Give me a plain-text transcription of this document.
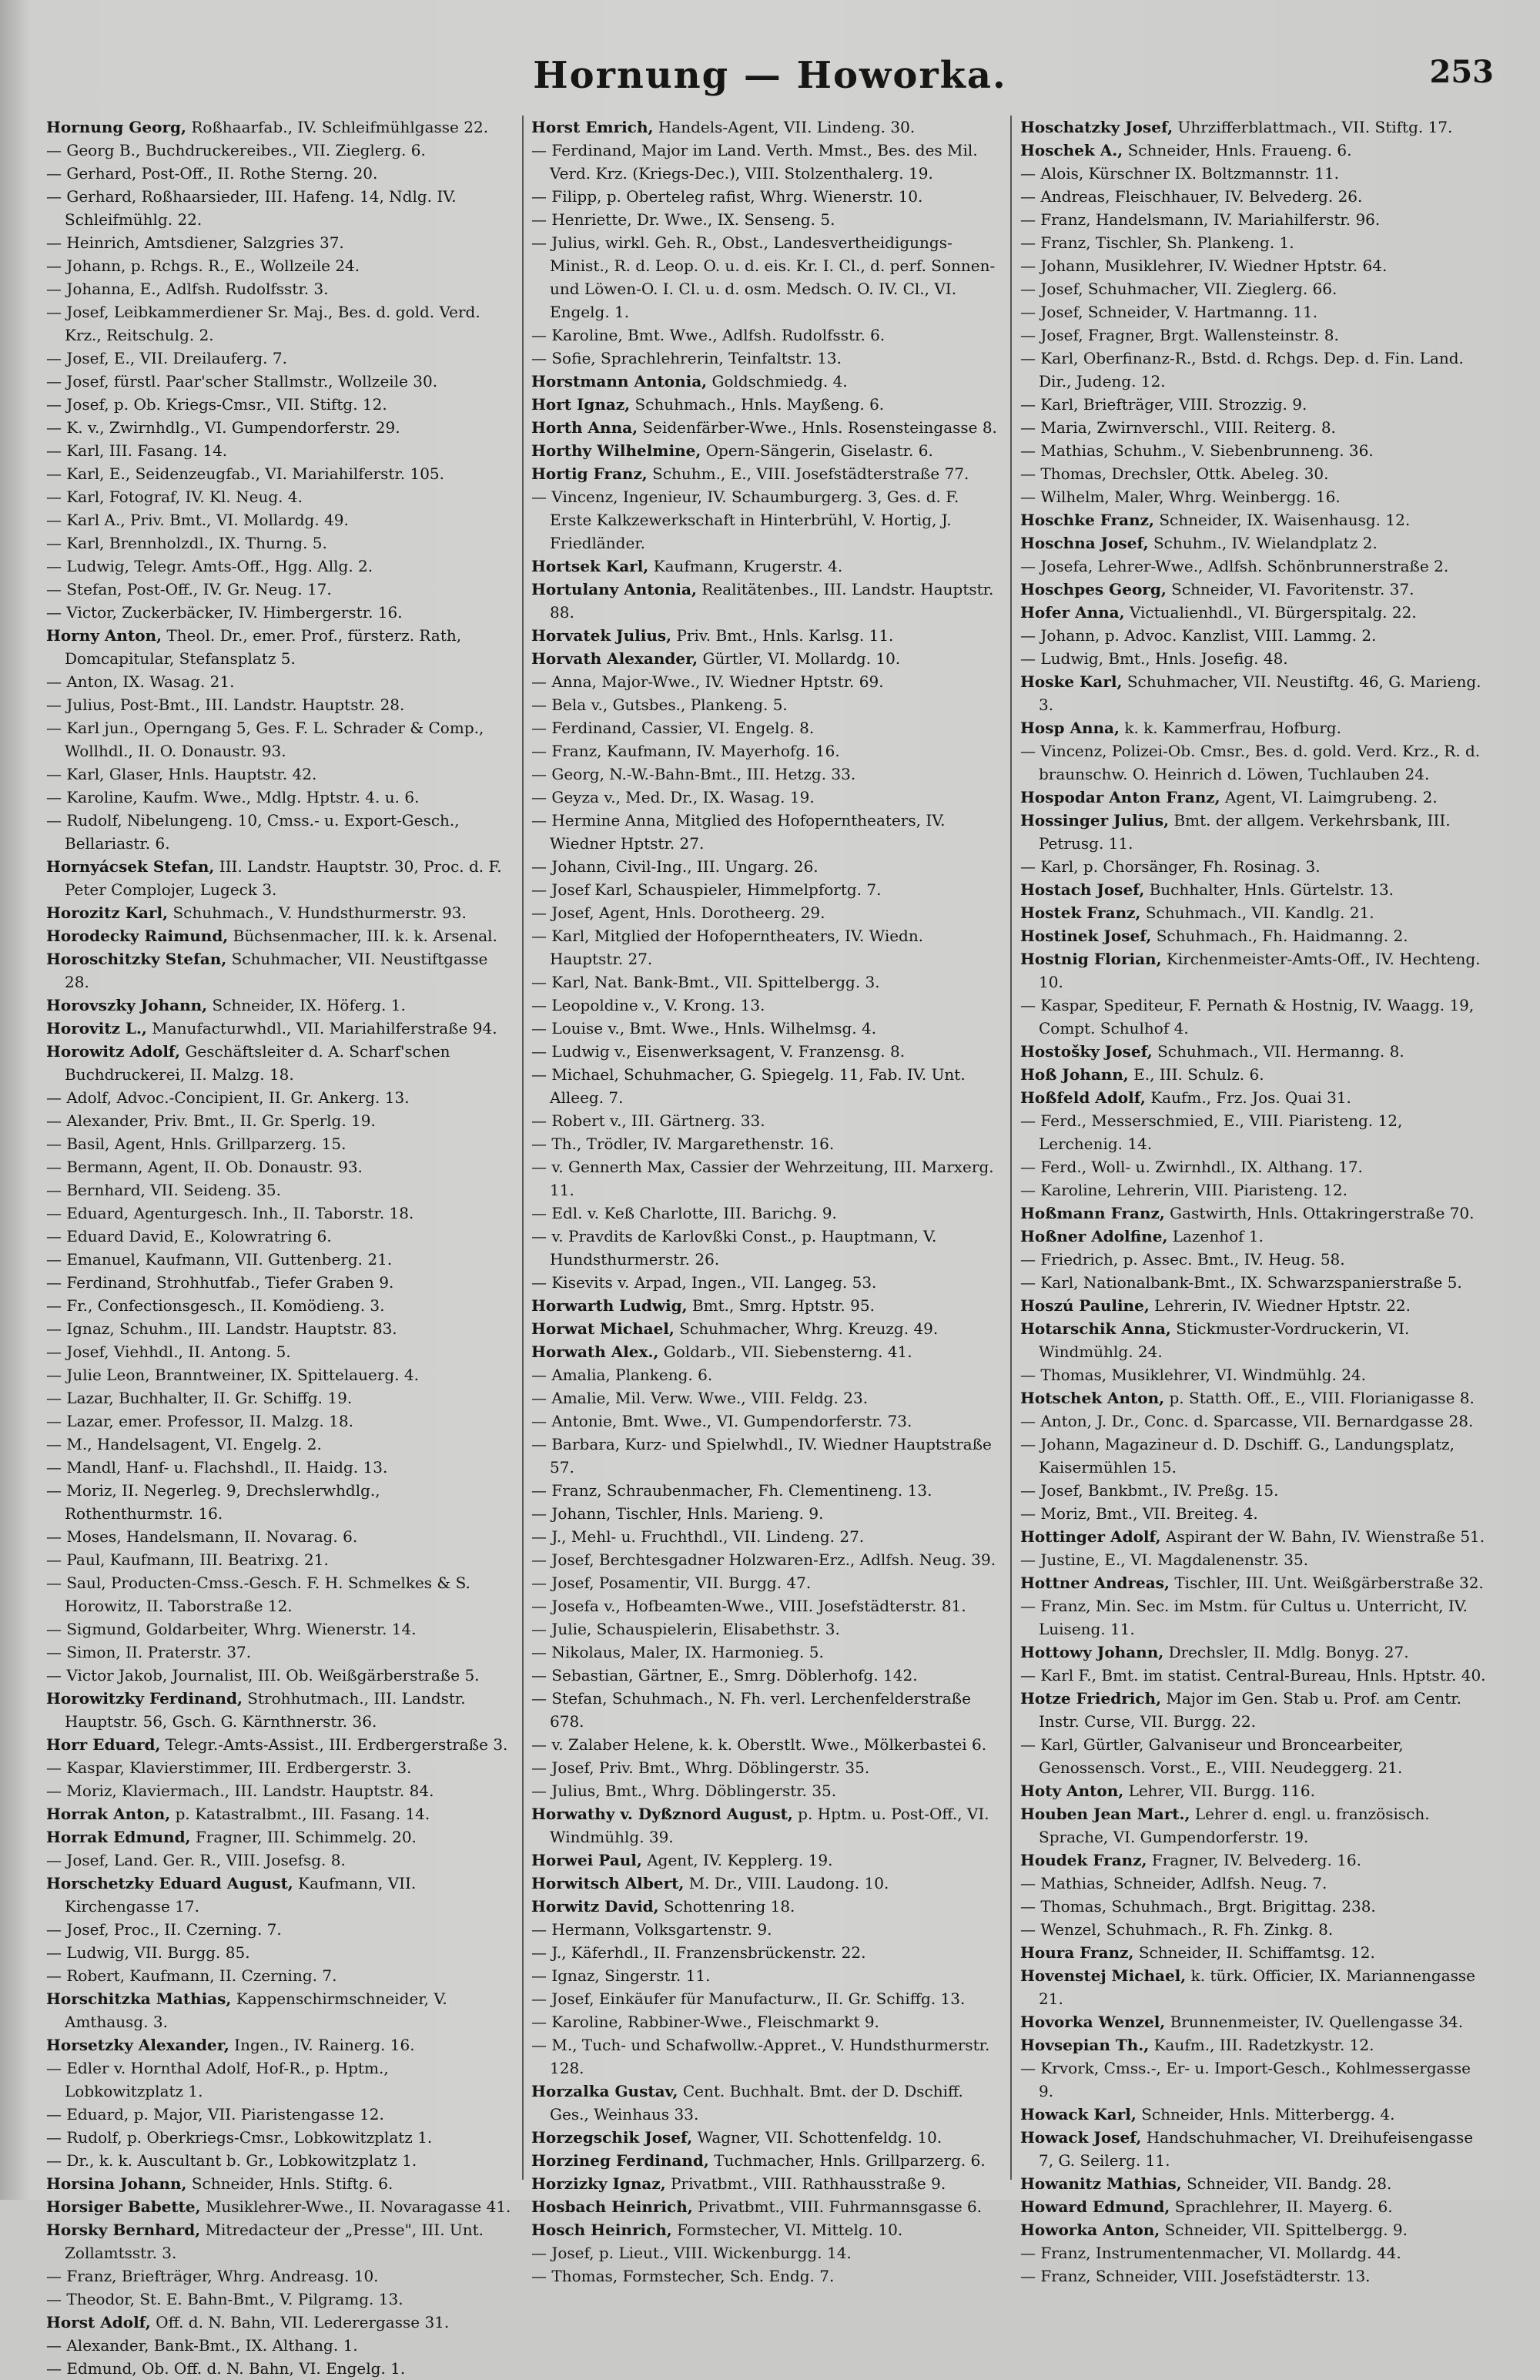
Hornung — Howorka.	253

Hornung Georg, Roßhaarfab., IV. Schleifmühlgasse 22.

— Georg B., Buchdruckereibes., VII. Zieglerg. 6.

— Gerhard, Post-Off., II. Rothe Sterng. 20.

— Gerhard, Roßhaarsieder, III. Hafeng. 14, Ndlg. IV. Schleifmühlg. 22.

— Heinrich, Amtsdiener, Salzgries 37.

— Johann, p. Rchgs. R., E., Wollzeile 24.

— Johanna, E., Adlfsh. Rudolfsstr. 3.

— Josef, Leibkammerdiener Sr. Maj., Bes. d. gold. Verd. Krz., Reitschulg. 2.

— Josef, E., VII. Dreilauferg. 7.

— Josef, fürstl. Paar'scher Stallmstr., Wollzeile 30.

— Josef, p. Ob. Kriegs-Cmsr., VII. Stiftg. 12.

— K. v., Zwirnhdlg., VI. Gumpendorferstr. 29.

— Karl, III. Fasang. 14.

— Karl, E., Seidenzeugfab., VI. Mariahilferstr. 105.

— Karl, Fotograf, IV. Kl. Neug. 4.

— Karl A., Priv. Bmt., VI. Mollardg. 49.

— Karl, Brennholzdl., IX. Thurng. 5.

— Ludwig, Telegr. Amts-Off., Hgg. Allg. 2.

— Stefan, Post-Off., IV. Gr. Neug. 17.

— Victor, Zuckerbäcker, IV. Himbergerstr. 16.

Horny Anton, Theol. Dr., emer. Prof., fürsterz. Rath, Domcapitular, Stefansplatz 5.

— Anton, IX. Wasag. 21.

— Julius, Post-Bmt., III. Landstr. Hauptstr. 28.

— Karl jun., Operngang 5, Ges. F. L. Schrader & Comp., Wollhdl., II. O. Donaustr. 93.

— Karl, Glaser, Hnls. Hauptstr. 42.

— Karoline, Kaufm. Wwe., Mdlg. Hptstr. 4. u. 6.

— Rudolf, Nibelungeng. 10, Cmss.- u. Export-Gesch., Bellariastr. 6.

Hornyácsek Stefan, III. Landstr. Hauptstr. 30, Proc. d. F. Peter Complojer, Lugeck 3.

Horozitz Karl, Schuhmach., V. Hundsthurmerstr. 93.

Horodecky Raimund, Büchsenmacher, III. k. k. Arsenal.

Horoschitzky Stefan, Schuhmacher, VII. Neustiftgasse 28.

Horovszky Johann, Schneider, IX. Höferg. 1.

Horovitz L., Manufacturwhdl., VII. Mariahilferstraße 94.

Horowitz Adolf, Geschäftsleiter d. A. Scharf'schen Buchdruckerei, II. Malzg. 18.

— Adolf, Advoc.-Concipient, II. Gr. Ankerg. 13.

— Alexander, Priv. Bmt., II. Gr. Sperlg. 19.

— Basil, Agent, Hnls. Grillparzerg. 15.

— Bermann, Agent, II. Ob. Donaustr. 93.

— Bernhard, VII. Seideng. 35.

— Eduard, Agenturgesch. Inh., II. Taborstr. 18.

— Eduard David, E., Kolowratring 6.

— Emanuel, Kaufmann, VII. Guttenberg. 21.

— Ferdinand, Strohhutfab., Tiefer Graben 9.

— Fr., Confectionsgesch., II. Komödieng. 3.

— Ignaz, Schuhm., III. Landstr. Hauptstr. 83.

— Josef, Viehhdl., II. Antong. 5.

— Julie Leon, Branntweiner, IX. Spittelauerg. 4.

— Lazar, Buchhalter, II. Gr. Schiffg. 19.

— Lazar, emer. Professor, II. Malzg. 18.

— M., Handelsagent, VI. Engelg. 2.

— Mandl, Hanf- u. Flachshdl., II. Haidg. 13.

— Moriz, II. Negerleg. 9, Drechslerwhdlg., Rothenthurmstr. 16.

— Moses, Handelsmann, II. Novarag. 6.

— Paul, Kaufmann, III. Beatrixg. 21.

— Saul, Producten-Cmss.-Gesch. F. H. Schmelkes & S. Horowitz, II. Taborstraße 12.

— Sigmund, Goldarbeiter, Whrg. Wienerstr. 14.

— Simon, II. Praterstr. 37.

— Victor Jakob, Journalist, III. Ob. Weißgärberstraße 5.

Horowitzky Ferdinand, Strohhutmach., III. Landstr. Hauptstr. 56, Gsch. G. Kärnthnerstr. 36.

Horr Eduard, Telegr.-Amts-Assist., III. Erdbergerstraße 3.

— Kaspar, Klavierstimmer, III. Erdbergerstr. 3.

— Moriz, Klaviermach., III. Landstr. Hauptstr. 84.

Horrak Anton, p. Katastralbmt., III. Fasang. 14.

Horrak Edmund, Fragner, III. Schimmelg. 20.

— Josef, Land. Ger. R., VIII. Josefsg. 8.

Horschetzky Eduard August, Kaufmann, VII. Kirchengasse 17.

— Josef, Proc., II. Czerning. 7.

— Ludwig, VII. Burgg. 85.

— Robert, Kaufmann, II. Czerning. 7.

Horschitzka Mathias, Kappenschirmschneider, V. Amthausg. 3.

Horsetzky Alexander, Ingen., IV. Rainerg. 16.

— Edler v. Hornthal Adolf, Hof-R., p. Hptm., Lobkowitzplatz 1.

— Eduard, p. Major, VII. Piaristengasse 12.

— Rudolf, p. Oberkriegs-Cmsr., Lobkowitzplatz 1.

— Dr., k. k. Auscultant b. Gr., Lobkowitzplatz 1.

Horsina Johann, Schneider, Hnls. Stiftg. 6.

Horsiger Babette, Musiklehrer-Wwe., II. Novaragasse 41.

Horsky Bernhard, Mitredacteur der „Presse", III. Unt. Zollamtsstr. 3.

— Franz, Briefträger, Whrg. Andreasg. 10.

— Theodor, St. E. Bahn-Bmt., V. Pilgramg. 13.

Horst Adolf, Off. d. N. Bahn, VII. Lederergasse 31.

— Alexander, Bank-Bmt., IX. Althang. 1.

— Edmund, Ob. Off. d. N. Bahn, VI. Engelg. 1.

Horst Emrich, Handels-Agent, VII. Lindeng. 30.

— Ferdinand, Major im Land. Verth. Mmst., Bes. des Mil. Verd. Krz. (Kriegs-Dec.), VIII. Stolzenthalerg. 19.

— Filipp, p. Oberteleg rafist, Whrg. Wienerstr. 10.

— Henriette, Dr. Wwe., IX. Senseng. 5.

— Julius, wirkl. Geh. R., Obst., Landesvertheidigungs-Minist., R. d. Leop. O. u. d. eis. Kr. I. Cl., d. perf. Sonnen- und Löwen-O. I. Cl. u. d. osm. Medsch. O. IV. Cl., VI. Engelg. 1.

— Karoline, Bmt. Wwe., Adlfsh. Rudolfsstr. 6.

— Sofie, Sprachlehrerin, Teinfaltstr. 13.

Horstmann Antonia, Goldschmiedg. 4.

Hort Ignaz, Schuhmach., Hnls. Mayßeng. 6.

Horth Anna, Seidenfärber-Wwe., Hnls. Rosensteingasse 8.

Horthy Wilhelmine, Opern-Sängerin, Giselastr. 6.

Hortig Franz, Schuhm., E., VIII. Josefstädterstraße 77.

— Vincenz, Ingenieur, IV. Schaumburgerg. 3, Ges. d. F. Erste Kalkzewerkschaft in Hinterbrühl, V. Hortig, J. Friedländer.

Hortsek Karl, Kaufmann, Krugerstr. 4.

Hortulany Antonia, Realitätenbes., III. Landstr. Hauptstr. 88.

Horvatek Julius, Priv. Bmt., Hnls. Karlsg. 11.

Horvath Alexander, Gürtler, VI. Mollardg. 10.

— Anna, Major-Wwe., IV. Wiedner Hptstr. 69.

— Bela v., Gutsbes., Plankeng. 5.

— Ferdinand, Cassier, VI. Engelg. 8.

— Franz, Kaufmann, IV. Mayerhofg. 16.

— Georg, N.-W.-Bahn-Bmt., III. Hetzg. 33.

— Geyza v., Med. Dr., IX. Wasag. 19.

— Hermine Anna, Mitglied des Hofoperntheaters, IV. Wiedner Hptstr. 27.

— Johann, Civil-Ing., III. Ungarg. 26.

— Josef Karl, Schauspieler, Himmelpfortg. 7.

— Josef, Agent, Hnls. Dorotheerg. 29.

— Karl, Mitglied der Hofoperntheaters, IV. Wiedn. Hauptstr. 27.

— Karl, Nat. Bank-Bmt., VII. Spittelbergg. 3.

— Leopoldine v., V. Krong. 13.

— Louise v., Bmt. Wwe., Hnls. Wilhelmsg. 4.

— Ludwig v., Eisenwerksagent, V. Franzensg. 8.

— Michael, Schuhmacher, G. Spiegelg. 11, Fab. IV. Unt. Alleeg. 7.

— Robert v., III. Gärtnerg. 33.

— Th., Trödler, IV. Margarethenstr. 16.

— v. Gennerth Max, Cassier der Wehrzeitung, III. Marxerg. 11.

— Edl. v. Keß Charlotte, III. Barichg. 9.

— v. Pravdits de Karlovßki Const., p. Hauptmann, V. Hundsthurmerstr. 26.

— Kisevits v. Arpad, Ingen., VII. Langeg. 53.

Horwarth Ludwig, Bmt., Smrg. Hptstr. 95.

Horwat Michael, Schuhmacher, Whrg. Kreuzg. 49.

Horwath Alex., Goldarb., VII. Siebensterng. 41.

— Amalia, Plankeng. 6.

— Amalie, Mil. Verw. Wwe., VIII. Feldg. 23.

— Antonie, Bmt. Wwe., VI. Gumpendorferstr. 73.

— Barbara, Kurz- und Spielwhdl., IV. Wiedner Hauptstraße 57.

— Franz, Schraubenmacher, Fh. Clementineng. 13.

— Johann, Tischler, Hnls. Marieng. 9.

— J., Mehl- u. Fruchthdl., VII. Lindeng. 27.

— Josef, Berchtesgadner Holzwaren-Erz., Adlfsh. Neug. 39.

— Josef, Posamentir, VII. Burgg. 47.

— Josefa v., Hofbeamten-Wwe., VIII. Josefstädterstr. 81.

— Julie, Schauspielerin, Elisabethstr. 3.

— Nikolaus, Maler, IX. Harmonieg. 5.

— Sebastian, Gärtner, E., Smrg. Döblerhofg. 142.

— Stefan, Schuhmach., N. Fh. verl. Lerchenfelderstraße 678.

— v. Zalaber Helene, k. k. Oberstlt. Wwe., Mölkerbastei 6.

— Josef, Priv. Bmt., Whrg. Döblingerstr. 35.

— Julius, Bmt., Whrg. Döblingerstr. 35.

Horwathy v. Dyßznord August, p. Hptm. u. Post-Off., VI. Windmühlg. 39.

Horwei Paul, Agent, IV. Kepplerg. 19.

Horwitsch Albert, M. Dr., VIII. Laudong. 10.

Horwitz David, Schottenring 18.

— Hermann, Volksgartenstr. 9.

— J., Käferhdl., II. Franzensbrückenstr. 22.

— Ignaz, Singerstr. 11.

— Josef, Einkäufer für Manufacturw., II. Gr. Schiffg. 13.

— Karoline, Rabbiner-Wwe., Fleischmarkt 9.

— M., Tuch- und Schafwollw.-Appret., V. Hundsthurmerstr. 128.

Horzalka Gustav, Cent. Buchhalt. Bmt. der D. Dschiff. Ges., Weinhaus 33.

Horzegschik Josef, Wagner, VII. Schottenfeldg. 10.

Horzineg Ferdinand, Tuchmacher, Hnls. Grillparzerg. 6.

Horzizky Ignaz, Privatbmt., VIII. Rathhausstraße 9.

Hosbach Heinrich, Privatbmt., VIII. Fuhrmannsgasse 6.

Hosch Heinrich, Formstecher, VI. Mittelg. 10.

— Josef, p. Lieut., VIII. Wickenburgg. 14.

— Thomas, Formstecher, Sch. Endg. 7.

Hoschatzky Josef, Uhrzifferblattmach., VII. Stiftg. 17.

Hoschek A., Schneider, Hnls. Fraueng. 6.

— Alois, Kürschner IX. Boltzmannstr. 11.

— Andreas, Fleischhauer, IV. Belvederg. 26.

— Franz, Handelsmann, IV. Mariahilferstr. 96.

— Franz, Tischler, Sh. Plankeng. 1.

— Johann, Musiklehrer, IV. Wiedner Hptstr. 64.

— Josef, Schuhmacher, VII. Zieglerg. 66.

— Josef, Schneider, V. Hartmanng. 11.

— Josef, Fragner, Brgt. Wallensteinstr. 8.

— Karl, Oberfinanz-R., Bstd. d. Rchgs. Dep. d. Fin. Land. Dir., Judeng. 12.

— Karl, Briefträger, VIII. Strozzig. 9.

— Maria, Zwirnverschl., VIII. Reiterg. 8.

— Mathias, Schuhm., V. Siebenbrunneng. 36.

— Thomas, Drechsler, Ottk. Abeleg. 30.

— Wilhelm, Maler, Whrg. Weinbergg. 16.

Hoschke Franz, Schneider, IX. Waisenhausg. 12.

Hoschna Josef, Schuhm., IV. Wielandplatz 2.

— Josefa, Lehrer-Wwe., Adlfsh. Schönbrunnerstraße 2.

Hoschpes Georg, Schneider, VI. Favoritenstr. 37.

Hofer Anna, Victualienhdl., VI. Bürgerspitalg. 22.

— Johann, p. Advoc. Kanzlist, VIII. Lammg. 2.

— Ludwig, Bmt., Hnls. Josefig. 48.

Hoske Karl, Schuhmacher, VII. Neustiftg. 46, G. Marieng. 3.

Hosp Anna, k. k. Kammerfrau, Hofburg.

— Vincenz, Polizei-Ob. Cmsr., Bes. d. gold. Verd. Krz., R. d. braunschw. O. Heinrich d. Löwen, Tuchlauben 24.

Hospodar Anton Franz, Agent, VI. Laimgrubeng. 2.

Hossinger Julius, Bmt. der allgem. Verkehrsbank, III. Petrusg. 11.

— Karl, p. Chorsänger, Fh. Rosinag. 3.

Hostach Josef, Buchhalter, Hnls. Gürtelstr. 13.

Hostek Franz, Schuhmach., VII. Kandlg. 21.

Hostinek Josef, Schuhmach., Fh. Haidmanng. 2.

Hostnig Florian, Kirchenmeister-Amts-Off., IV. Hechteng. 10.

— Kaspar, Spediteur, F. Pernath & Hostnig, IV. Waagg. 19, Compt. Schulhof 4.

Hostošky Josef, Schuhmach., VII. Hermanng. 8.

Hoß Johann, E., III. Schulz. 6.

Hoßfeld Adolf, Kaufm., Frz. Jos. Quai 31.

— Ferd., Messerschmied, E., VIII. Piaristeng. 12, Lerchenig. 14.

— Ferd., Woll- u. Zwirnhdl., IX. Althang. 17.

— Karoline, Lehrerin, VIII. Piaristeng. 12.

Hoßmann Franz, Gastwirth, Hnls. Ottakringerstraße 70.

Hoßner Adolfine, Lazenhof 1.

— Friedrich, p. Assec. Bmt., IV. Heug. 58.

— Karl, Nationalbank-Bmt., IX. Schwarzspanierstraße 5.

Hoszú Pauline, Lehrerin, IV. Wiedner Hptstr. 22.

Hotarschik Anna, Stickmuster-Vordruckerin, VI. Windmühlg. 24.

— Thomas, Musiklehrer, VI. Windmühlg. 24.

Hotschek Anton, p. Statth. Off., E., VIII. Florianigasse 8.

— Anton, J. Dr., Conc. d. Sparcasse, VII. Bernardgasse 28.

— Johann, Magazineur d. D. Dschiff. G., Landungsplatz, Kaisermühlen 15.

— Josef, Bankbmt., IV. Preßg. 15.

— Moriz, Bmt., VII. Breiteg. 4.

Hottinger Adolf, Aspirant der W. Bahn, IV. Wienstraße 51.

— Justine, E., VI. Magdalenenstr. 35.

Hottner Andreas, Tischler, III. Unt. Weißgärberstraße 32.

— Franz, Min. Sec. im Mstm. für Cultus u. Unterricht, IV. Luiseng. 11.

Hottowy Johann, Drechsler, II. Mdlg. Bonyg. 27.

— Karl F., Bmt. im statist. Central-Bureau, Hnls. Hptstr. 40.

Hotze Friedrich, Major im Gen. Stab u. Prof. am Centr. Instr. Curse, VII. Burgg. 22.

— Karl, Gürtler, Galvaniseur und Broncearbeiter, Genossensch. Vorst., E., VIII. Neudeggerg. 21.

Hoty Anton, Lehrer, VII. Burgg. 116.

Houben Jean Mart., Lehrer d. engl. u. französisch. Sprache, VI. Gumpendorferstr. 19.

Houdek Franz, Fragner, IV. Belvederg. 16.

— Mathias, Schneider, Adlfsh. Neug. 7.

— Thomas, Schuhmach., Brgt. Brigittag. 238.

— Wenzel, Schuhmach., R. Fh. Zinkg. 8.

Houra Franz, Schneider, II. Schiffamtsg. 12.

Hovenstej Michael, k. türk. Officier, IX. Mariannengasse 21.

Hovorka Wenzel, Brunnenmeister, IV. Quellengasse 34.

Hovsepian Th., Kaufm., III. Radetzkystr. 12.

— Krvork, Cmss.-, Er- u. Import-Gesch., Kohlmessergasse 9.

Howack Karl, Schneider, Hnls. Mitterbergg. 4.

Howack Josef, Handschuhmacher, VI. Dreihufeisengasse 7, G. Seilerg. 11.

Howanitz Mathias, Schneider, VII. Bandg. 28.

Howard Edmund, Sprachlehrer, II. Mayerg. 6.

Howorka Anton, Schneider, VII. Spittelbergg. 9.

— Franz, Instrumentenmacher, VI. Mollardg. 44.

— Franz, Schneider, VIII. Josefstädterstr. 13.
